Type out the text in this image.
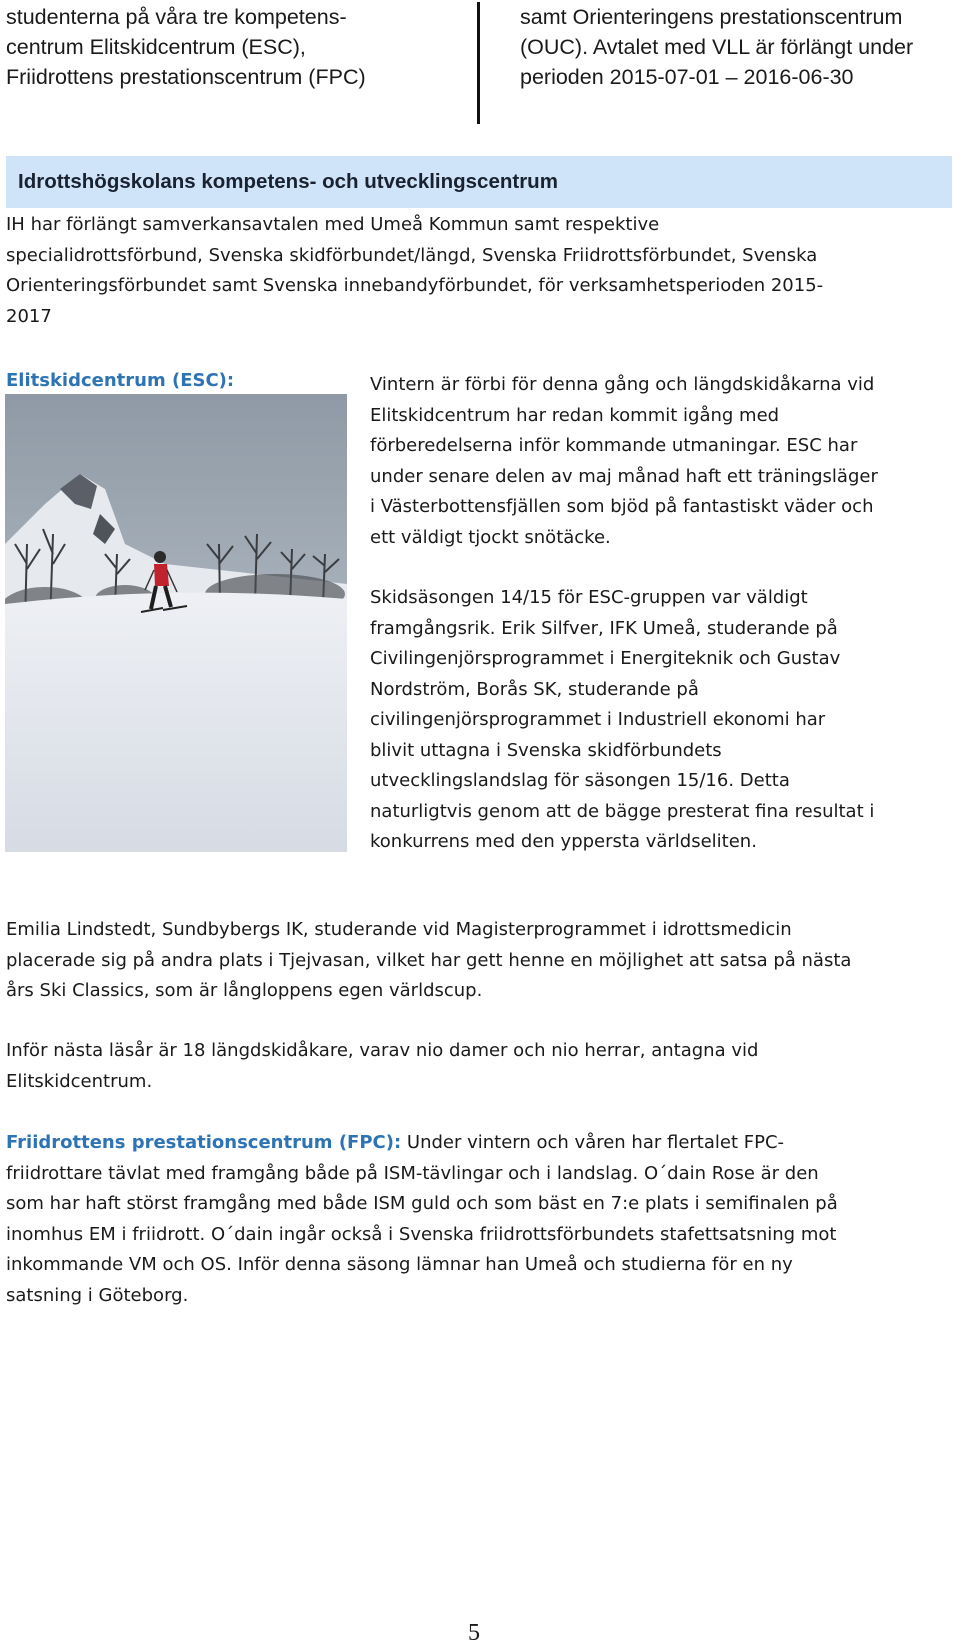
studenterna på våra tre kompetens-
centrum Elitskidcentrum (ESC),
Friidrottens prestationscentrum (FPC)
samt Orienteringens prestationscentrum
(OUC). Avtalet med VLL är förlängt under
perioden 2015-07-01 – 2016-06-30
Idrottshögskolans kompetens- och utvecklingscentrum
IH har förlängt samverkansavtalen med Umeå Kommun samt respektive
specialidrottsförbund, Svenska skidförbundet/längd, Svenska Friidrottsförbundet, Svenska
Orienteringsförbundet samt Svenska innebandyförbundet, för verksamhetsperioden 2015-
2017
Elitskidcentrum (ESC):	Vintern är förbi för denna gång och längdskidåkarna vid
Elitskidcentrum har redan kommit igång med
förberedelserna inför kommande utmaningar. ESC har
under senare delen av maj månad haft ett träningsläger
i Västerbottensfjällen som bjöd på fantastiskt väder och
ett väldigt tjockt snötäcke.
Skidsäsongen 14/15 för ESC-gruppen var väldigt
framgångsrik. Erik Silfver, IFK Umeå, studerande på
Civilingenjörsprogrammet i Energiteknik och Gustav
Nordström, Borås SK, studerande på
civilingenjörsprogrammet i Industriell ekonomi har
blivit uttagna i Svenska skidförbundets
utvecklingslandslag för säsongen 15/16. Detta
naturligtvis genom att de bägge presterat fina resultat i
konkurrens med den yppersta världseliten.
Emilia Lindstedt, Sundbybergs IK, studerande vid Magisterprogrammet i idrottsmedicin
placerade sig på andra plats i Tjejvasan, vilket har gett henne en möjlighet att satsa på nästa
års Ski Classics, som är långloppens egen världscup.
Inför nästa läsår är 18 längdskidåkare, varav nio damer och nio herrar, antagna vid
Elitskidcentrum.
Friidrottens prestationscentrum (FPC): Under vintern och våren har flertalet FPC-
friidrottare tävlat med framgång både på ISM-tävlingar och i landslag. O´dain Rose är den
som har haft störst framgång med både ISM guld och som bäst en 7:e plats i semifinalen på
inomhus EM i friidrott. O´dain ingår också i Svenska friidrottsförbundets stafettsatsning mot
inkommande VM och OS. Inför denna säsong lämnar han Umeå och studierna för en ny
satsning i Göteborg.
5
